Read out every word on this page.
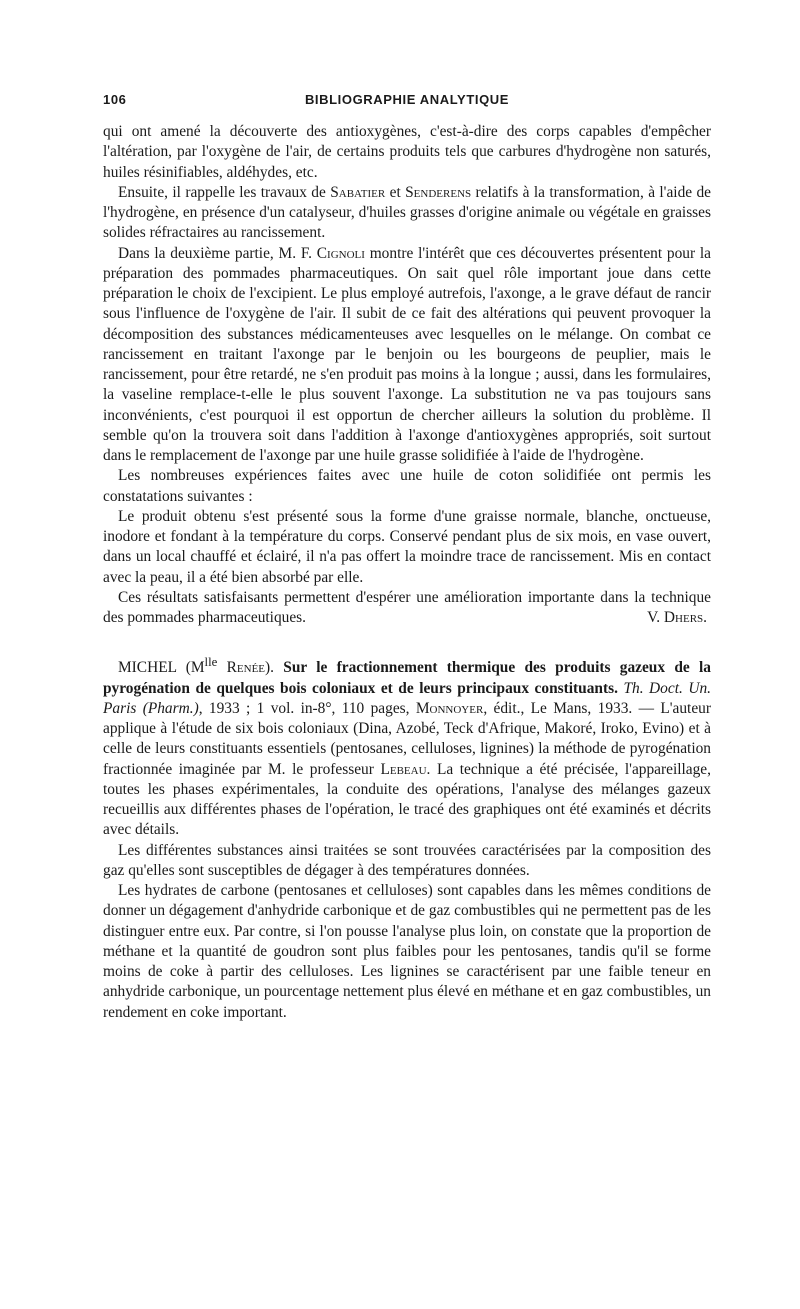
106	BIBLIOGRAPHIE ANALYTIQUE

qui ont amené la découverte des antioxygènes, c'est-à-dire des corps capables d'empêcher l'altération, par l'oxygène de l'air, de certains produits tels que carbures d'hydrogène non saturés, huiles résinifiables, aldéhydes, etc.

Ensuite, il rappelle les travaux de Sabatier et Senderens relatifs à la transformation, à l'aide de l'hydrogène, en présence d'un catalyseur, d'huiles grasses d'origine animale ou végétale en graisses solides réfractaires au rancissement.

Dans la deuxième partie, M. F. Cignoli montre l'intérêt que ces découvertes présentent pour la préparation des pommades pharmaceutiques. On sait quel rôle important joue dans cette préparation le choix de l'excipient. Le plus employé autrefois, l'axonge, a le grave défaut de rancir sous l'influence de l'oxygène de l'air. Il subit de ce fait des altérations qui peuvent provoquer la décomposition des substances médicamenteuses avec lesquelles on le mélange. On combat ce rancissement en traitant l'axonge par le benjoin ou les bourgeons de peuplier, mais le rancissement, pour être retardé, ne s'en produit pas moins à la longue ; aussi, dans les formulaires, la vaseline remplace-t-elle le plus souvent l'axonge. La substitution ne va pas toujours sans inconvénients, c'est pourquoi il est opportun de chercher ailleurs la solution du problème. Il semble qu'on la trouvera soit dans l'addition à l'axonge d'antioxygènes appropriés, soit surtout dans le remplacement de l'axonge par une huile grasse solidifiée à l'aide de l'hydrogène.

Les nombreuses expériences faites avec une huile de coton solidifiée ont permis les constatations suivantes :

Le produit obtenu s'est présenté sous la forme d'une graisse normale, blanche, onctueuse, inodore et fondant à la température du corps. Conservé pendant plus de six mois, en vase ouvert, dans un local chauffé et éclairé, il n'a pas offert la moindre trace de rancissement. Mis en contact avec la peau, il a été bien absorbé par elle.

Ces résultats satisfaisants permettent d'espérer une amélioration importante dans la technique des pommades pharmaceutiques.	V. Dhers.

MICHEL ($M^{lle}$ Renée). Sur le fractionnement thermique des produits gazeux de la pyrogénation de quelques bois coloniaux et de leurs principaux constituants. Th. Doct. Un. Paris (Pharm.), 1933 ; 1 vol. in-8°, 110 pages, Monnoyer, édit., Le Mans, 1933. — L'auteur applique à l'étude de six bois coloniaux (Dina, Azobé, Teck d'Afrique, Makoré, Iroko, Evino) et à celle de leurs constituants essentiels (pentosanes, celluloses, lignines) la méthode de pyrogénation fractionnée imaginée par M. le professeur Lebeau. La technique a été précisée, l'appareillage, toutes les phases expérimentales, la conduite des opérations, l'analyse des mélanges gazeux recueillis aux différentes phases de l'opération, le tracé des graphiques ont été examinés et décrits avec détails.

Les différentes substances ainsi traitées se sont trouvées caractérisées par la composition des gaz qu'elles sont susceptibles de dégager à des températures données.

Les hydrates de carbone (pentosanes et celluloses) sont capables dans les mêmes conditions de donner un dégagement d'anhydride carbonique et de gaz combustibles qui ne permettent pas de les distinguer entre eux. Par contre, si l'on pousse l'analyse plus loin, on constate que la proportion de méthane et la quantité de goudron sont plus faibles pour les pentosanes, tandis qu'il se forme moins de coke à partir des celluloses. Les lignines se caractérisent par une faible teneur en anhydride carbonique, un pourcentage nettement plus élevé en méthane et en gaz combustibles, un rendement en coke important.
